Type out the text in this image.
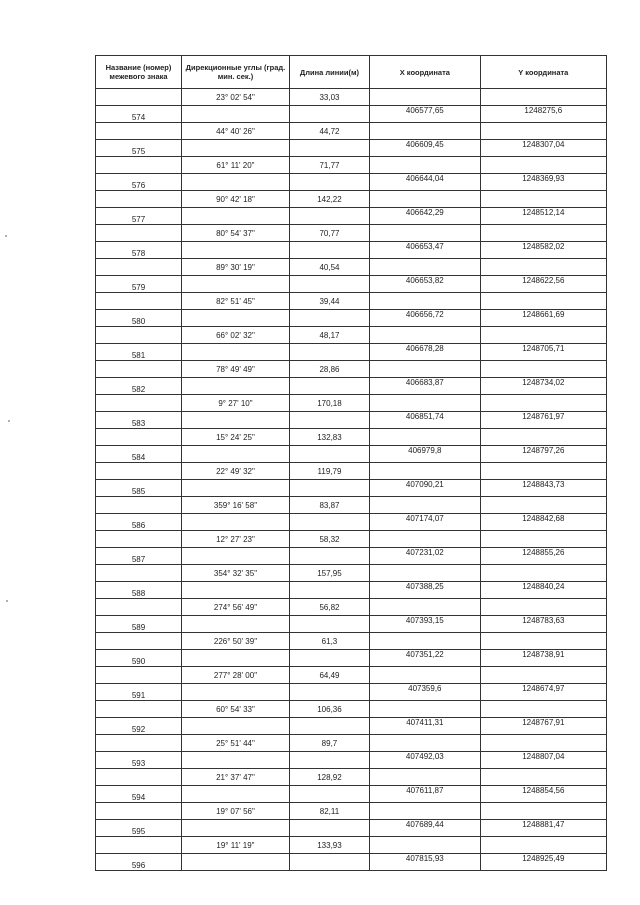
Название (номер) межевого знака	Дирекционные углы (град. мин. сек.)	Длина линии(м)	X координата	Y координата
	23° 02' 54"	33,03		
574			406577,65	1248275,6
	44° 40' 26"	44,72		
575			406609,45	1248307,04
	61° 11' 20"	71,77		
576			406644,04	1248369,93
	90° 42' 18"	142,22		
577			406642,29	1248512,14
	80° 54' 37"	70,77		
578			406653,47	1248582,02
	89° 30' 19"	40,54		
579			406653,82	1248622,56
	82° 51' 45"	39,44		
580			406656,72	1248661,69
	66° 02' 32"	48,17		
581			406678,28	1248705,71
	78° 49' 49"	28,86		
582			406683,87	1248734,02
	9° 27' 10"	170,18		
583			406851,74	1248761,97
	15° 24' 25"	132,83		
584			406979,8	1248797,26
	22° 49' 32"	119,79		
585			407090,21	1248843,73
	359° 16' 58"	83,87		
586			407174,07	1248842,68
	12° 27' 23"	58,32		
587			407231,02	1248855,26
	354° 32' 35"	157,95		
588			407388,25	1248840,24
	274° 56' 49"	56,82		
589			407393,15	1248783,63
	226° 50' 39"	61,3		
590			407351,22	1248738,91
	277° 28' 00"	64,49		
591			407359,6	1248674,97
	60° 54' 33"	106,36		
592			407411,31	1248767,91
	25° 51' 44"	89,7		
593			407492,03	1248807,04
	21° 37' 47"	128,92		
594			407611,87	1248854,56
	19° 07' 56"	82,11		
595			407689,44	1248881,47
	19° 11' 19"	133,93		
596			407815,93	1248925,49
